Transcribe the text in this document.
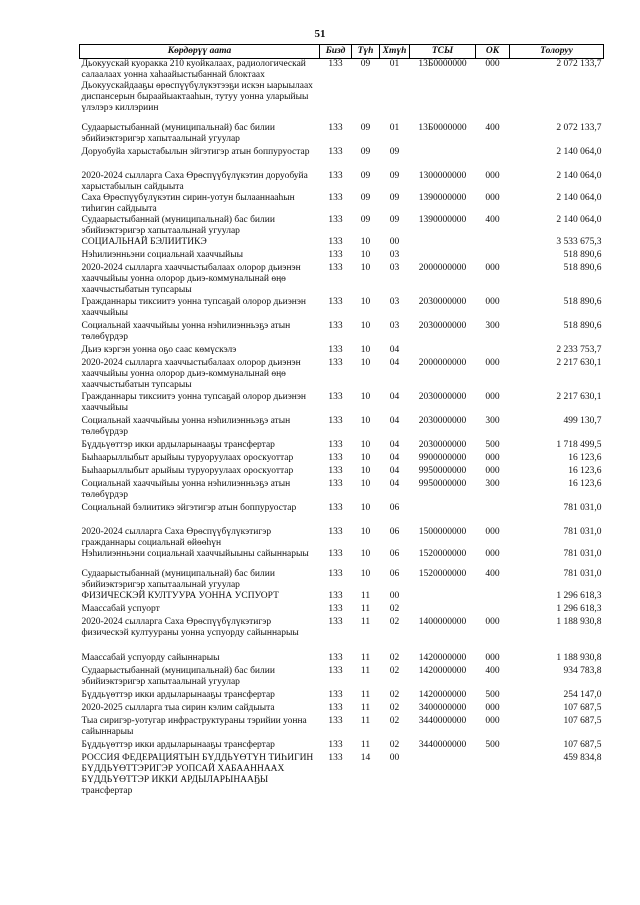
51
Көрдөрүү аата	Бизд	Түh	Хтүh	ТСЫ	ОК	Толоруу
Дьокуускай куоракка 210 куойкалаах, радиологическай салаалаах уонна хаһаайыстыбаннай блоктаах Дьокуускайдааҕы өрөспүүбүлүкэтээҕи искэн ыарыылаах диспансерын быраайыактааһын, тутуу уонна уларыйыы үлэлэрэ киллэриин	133	09	01	13Б0000000	000	2 072 133,7
Судаарыстыбаннай (муниципальнай) бас билии эбийиэктэригэр хапытаалынай угуулар	133	09	01	13Б0000000	400	2 072 133,7
Доруобуйа харыстабылын эйгэтигэр атын боппуруостар	133	09	09			2 140 064,0
2020-2024 сылларга Саха Өрөспүүбүлүкэтин доруобуйа харыстабылын сайдыыта	133	09	09	1300000000	000	2 140 064,0
Саха Өрөспүүбүлүкэтин сирин-уотун былааннааһын тиһигин сайдыыта	133	09	09	1390000000	000	2 140 064,0
Судаарыстыбаннай (муниципальнай) бас билии эбийиэктэригэр хапытаалынай угуулар	133	09	09	1390000000	400	2 140 064,0
СОЦИАЛЬНАЙ БЭЛИИТИКЭ	133	10	00			3 533 675,3
Нэһилиэнньэни социальнай хааччыйыы	133	10	03			518 890,6
2020-2024 сылларга хааччыстыбалаах олорор дьиэнэн хааччыйыы уонна олорор дьиэ-коммуналынай өңө хааччыстыбатын тупсарыы	133	10	03	2000000000	000	518 890,6
Гражданнары тиксиитэ уонна тупсаҕай олорор дьиэнэн хааччыйыы	133	10	03	2030000000	000	518 890,6
Социальнай хааччыйыы уонна нэһилиэнньэҕэ атын төлөбүрдэр	133	10	03	2030000000	300	518 890,6
Дьиэ кэргэн уонна оҕо саас көмүскэлэ	133	10	04			2 233 753,7
2020-2024 сылларга хааччыстыбалаах олорор дьиэнэн хааччыйыы уонна олорор дьиэ-коммуналынай өңө хааччыстыбатын тупсарыы	133	10	04	2000000000	000	2 217 630,1
Гражданнары тиксиитэ уонна тупсаҕай олорор дьиэнэн хааччыйыы	133	10	04	2030000000	000	2 217 630,1
Социальнай хааччыйыы уонна нэһилиэнньэҕэ атын төлөбүрдэр	133	10	04	2030000000	300	499 130,7
Бүддьүөттэр икки ардыларынааҕы трансфертар	133	10	04	2030000000	500	1 718 499,5
Быһаарыллыбыт арыйыы туруоруулаах ороскуоттар	133	10	04	9900000000	000	16 123,6
Быһаарыллыбыт арыйыы туруоруулаах ороскуоттар	133	10	04	9950000000	000	16 123,6
Социальнай хааччыйыы уонна нэһилиэнньэҕэ атын төлөбүрдэр	133	10	04	9950000000	300	16 123,6
Социальнай бэлиитикэ эйгэтигэр атын боппуруостар	133	10	06			781 031,0
2020-2024 сылларга Саха Өрөспүүбүлүкэтигэр гражданнары социальнай өйөөһүн	133	10	06	1500000000	000	781 031,0
Нэһилиэнньэни социальнай хааччыйыыны сайыннарыы	133	10	06	1520000000	000	781 031,0
Судаарыстыбаннай (муниципальнай) бас билии эбийиэктэригэр хапытаалынай угуулар	133	10	06	1520000000	400	781 031,0
ФИЗИЧЕСКЭЙ КУЛТУУРА УОННА УСПУОРТ	133	11	00			1 296 618,3
Маассабай успуорт	133	11	02			1 296 618,3
2020-2024 сылларга Саха Өрөспүүбүлүкэтигэр физическэй култуураны уонна успуорду сайыннарыы	133	11	02	1400000000	000	1 188 930,8
Маассабай успуорду сайыннарыы	133	11	02	1420000000	000	1 188 930,8
Судаарыстыбаннай (муниципальнай) бас билии эбийиэктэригэр хапытаалынай угуулар	133	11	02	1420000000	400	934 783,8
Бүддьүөттэр икки ардыларынааҕы трансфертар	133	11	02	1420000000	500	254 147,0
2020-2025 сылларга тыа сирин кэлим сайдыыта	133	11	02	3400000000	000	107 687,5
Тыа сиригэр-уотугар инфраструктураны тэрийии уонна сайыннарыы	133	11	02	3440000000	000	107 687,5
Бүддьүөттэр икки ардыларынааҕы трансфертар	133	11	02	3440000000	500	107 687,5
РОССИЯ ФЕДЕРАЦИЯТЫН БҮДДЬҮӨТҮН ТИҺИГИН БҮДДЬҮӨТТЭРИГЭР УОПСАЙ ХАБААННААХ БҮДДЬҮӨТТЭР ИККИ АРДЫЛАРЫНААҔЫ трансфертар	133	14	00			459 834,8
